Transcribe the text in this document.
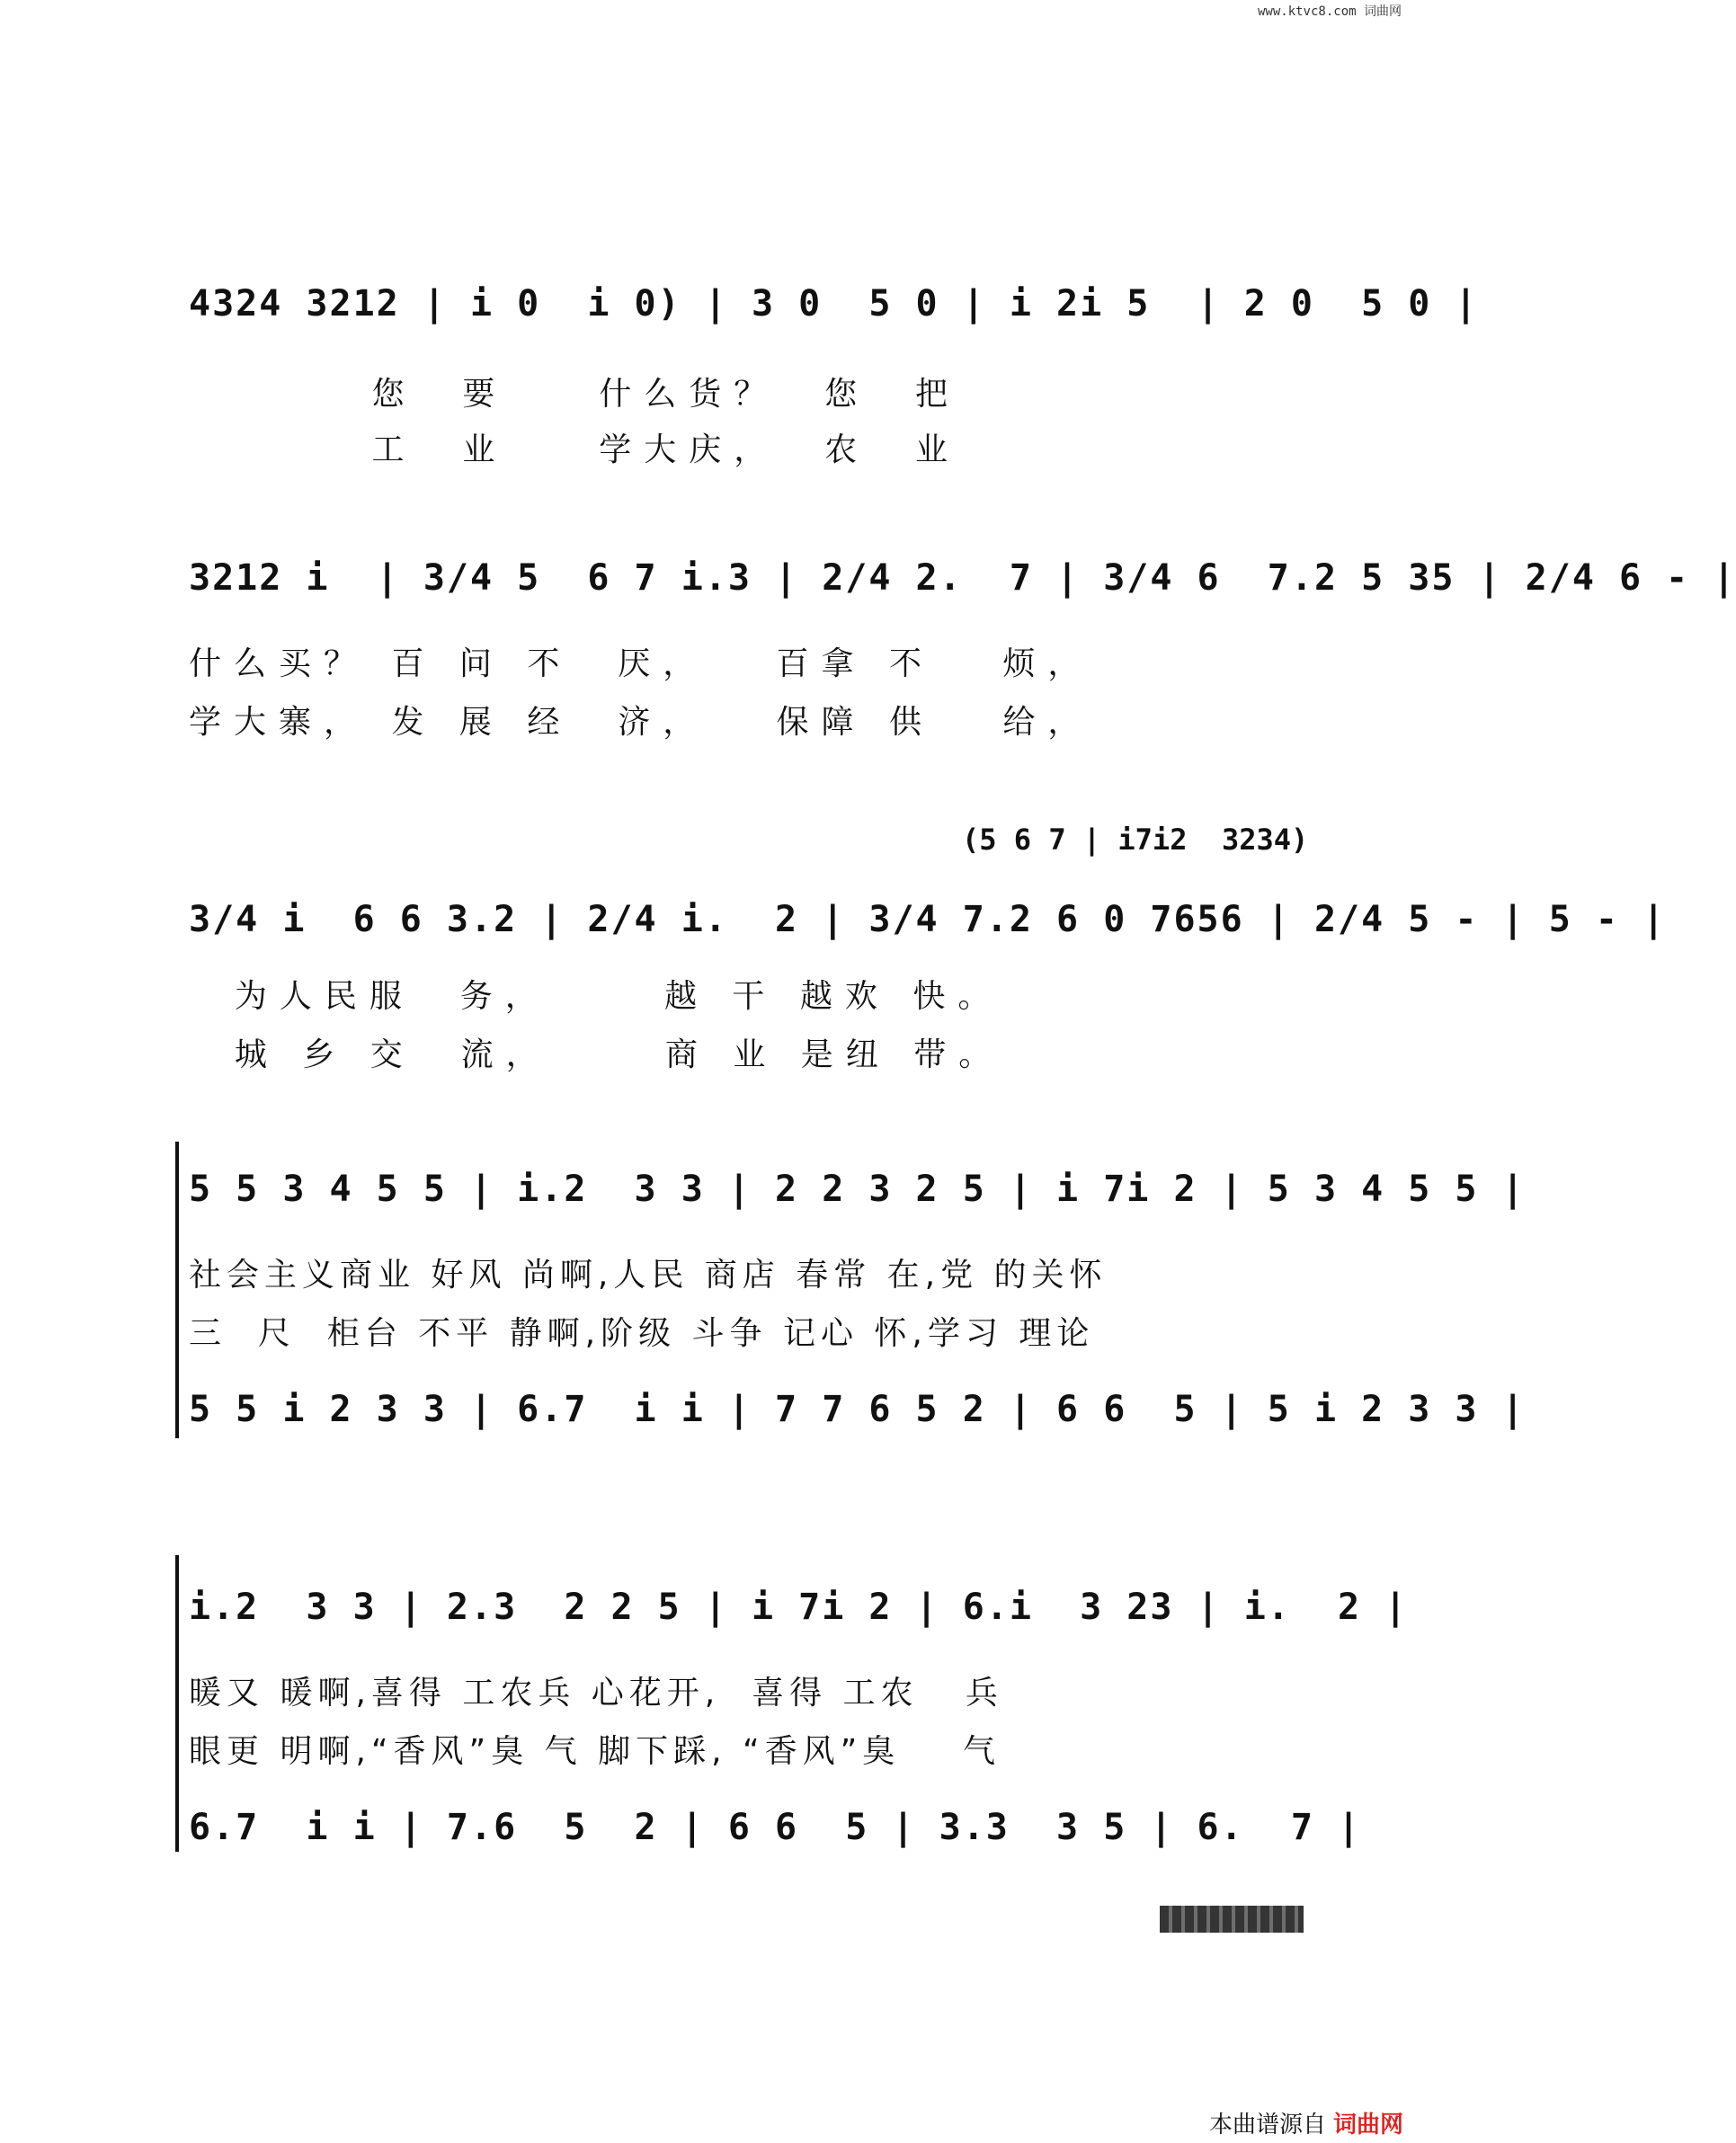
www.ktvc8.com 词曲网
4324 3212 | i 0  i 0) | 3 0  5 0 | i 2i 5  | 2 0  5 0 |
您  要    什么货？  您  把
工  业    学大庆，  农  业
3212 i  | 3/4 5  6 7 i.3 | 2/4 2.  7 | 3/4 6  7.2 5 35 | 2/4 6 - |
什么买？ 百 问 不  厌，   百拿 不   烦，
学大寨， 发 展 经  济，   保障 供   给，
(5 6 7 | i7i2  3234)
3/4 i  6 6 3.2 | 2/4 i.  2 | 3/4 7.2 6 0 7656 | 2/4 5 - | 5 - |
为人民服  务，     越 干 越欢 快。
城 乡 交  流，     商 业 是纽 带。
5 5 3 4 5 5 | i.2  3 3 | 2 2 3 2 5 | i 7i 2 | 5 3 4 5 5 |
社会主义商业 好风 尚啊,人民 商店 春常 在,党 的关怀
三  尺  柜台 不平 静啊,阶级 斗争 记心 怀,学习 理论
5 5 i 2 3 3 | 6.7  i i | 7 7 6 5 2 | 6 6  5 | 5 i 2 3 3 |
i.2  3 3 | 2.3  2 2 5 | i 7i 2 | 6.i  3 23 | i.  2 |
暖又 暖啊,喜得 工农兵 心花开,  喜得 工农   兵
眼更 明啊,“香风”臭 气 脚下踩, “香风”臭    气
6.7  i i | 7.6  5  2 | 6 6  5 | 3.3  3 5 | 6.  7 |
本曲谱源自 词曲网
